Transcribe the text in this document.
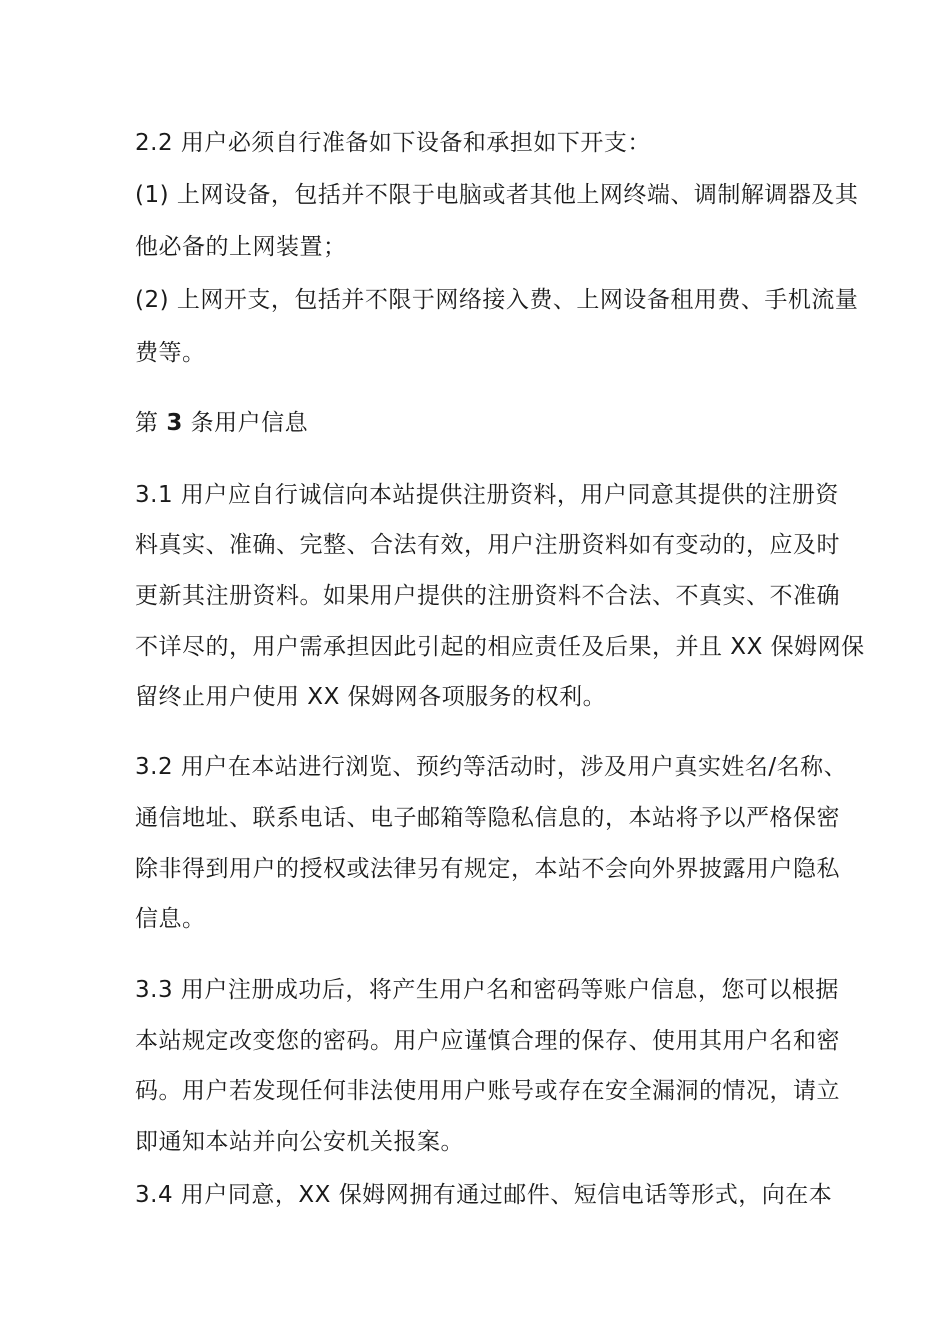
2.2 用户必须自行准备如下设备和承担如下开支：
(1) 上网设备，包括并不限于电脑或者其他上网终端、调制解调器及其
他必备的上网装置；
(2) 上网开支，包括并不限于网络接入费、上网设备租用费、手机流量
费等。
第 3 条用户信息
3.1 用户应自行诚信向本站提供注册资料，用户同意其提供的注册资
料真实、准确、完整、合法有效，用户注册资料如有变动的，应及时
更新其注册资料。如果用户提供的注册资料不合法、不真实、不准确
不详尽的，用户需承担因此引起的相应责任及后果，并且 XX 保姆网保
留终止用户使用 XX 保姆网各项服务的权利。
3.2 用户在本站进行浏览、预约等活动时，涉及用户真实姓名/名称、
通信地址、联系电话、电子邮箱等隐私信息的，本站将予以严格保密
除非得到用户的授权或法律另有规定，本站不会向外界披露用户隐私
信息。
3.3 用户注册成功后，将产生用户名和密码等账户信息，您可以根据
本站规定改变您的密码。用户应谨慎合理的保存、使用其用户名和密
码。用户若发现任何非法使用用户账号或存在安全漏洞的情况，请立
即通知本站并向公安机关报案。
3.4 用户同意，XX 保姆网拥有通过邮件、短信电话等形式，向在本
